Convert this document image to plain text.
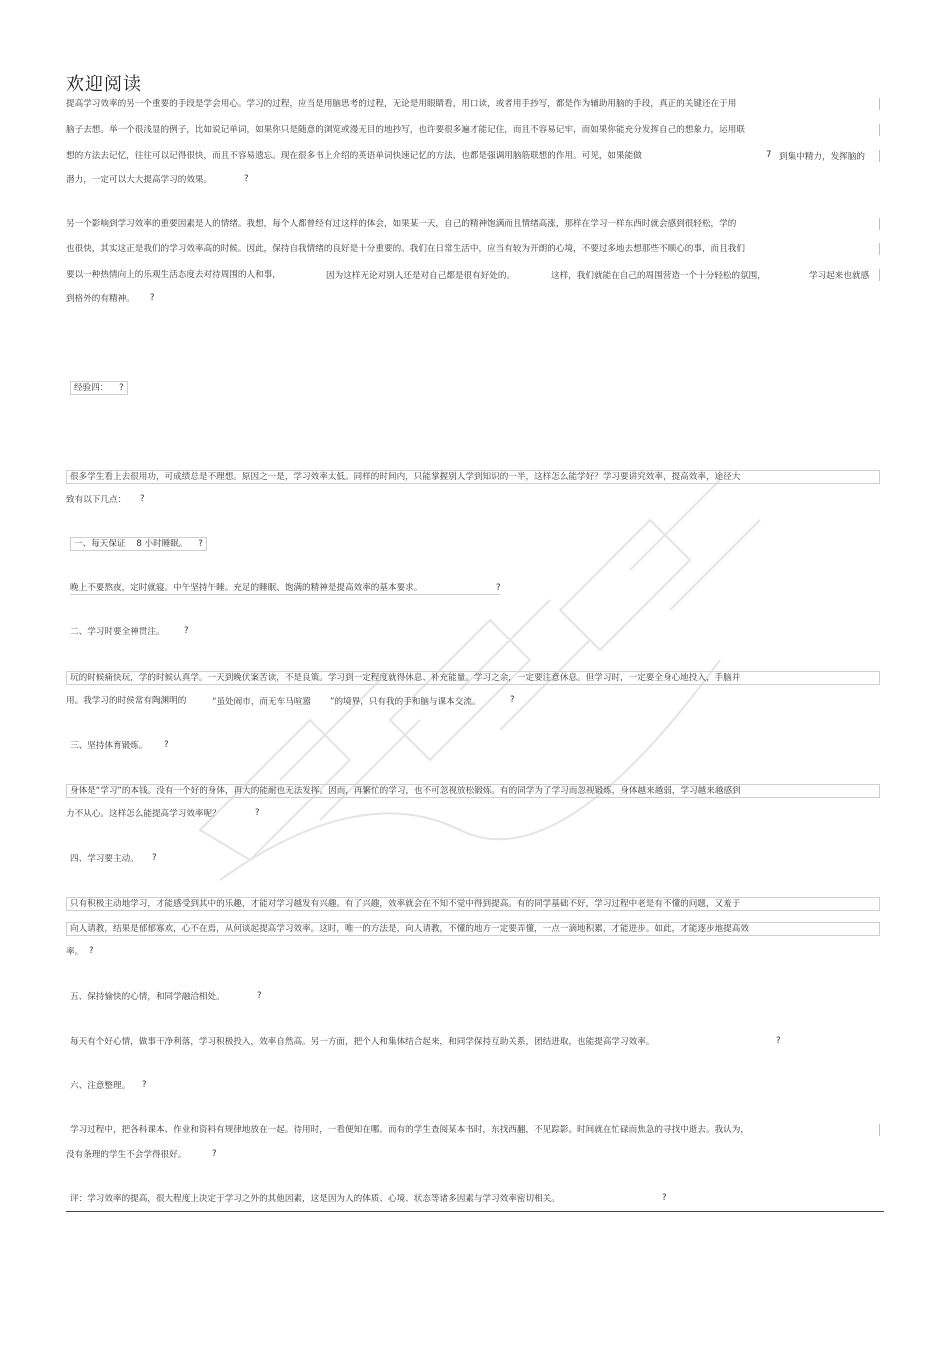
欢迎阅读
提高学习效率的另一个重要的手段是学会用心。学习的过程，应当是用脑思考的过程，无论是用眼睛看，用口读，或者用手抄写，都是作为辅助用脑的手段，真正的关键还在于用
脑子去想。举一个很浅显的例子，比如说记单词，如果你只是随意的浏览或漫无目的地抄写，也许要很多遍才能记住，而且不容易记牢，而如果你能充分发挥自己的想象力，运用联
想的方法去记忆，往往可以记得很快，而且不容易遗忘。现在很多书上介绍的英语单词快速记忆的方法，也都是强调用脑筋联想的作用。可见，如果能做	7 到集中精力，发挥脑的
潜力，一定可以大大提高学习的效果。	?
另一个影响到学习效率的重要因素是人的情绪。我想，每个人都曾经有过这样的体会，如果某一天，自己的精神饱满而且情绪高涨，那样在学习一样东西时就会感到很轻松，学的
也很快，其实这正是我们的学习效率高的时候。因此，保持自我情绪的良好是十分重要的。我们在日常生活中，应当有较为开朗的心境，不要过多地去想那些不顺心的事，而且我们
要以一种热情向上的乐观生活态度去对待周围的人和事，	因为这样无论对别人还是对自己都是很有好处的。	这样，我们就能在自己的周围营造一个十分轻松的氛围，	学习起来也就感
到格外的有精神。 ?
经验四： ?
很多学生看上去很用功，可成绩总是不理想。原因之一是，学习效率太低。同样的时间内，只能掌握别人学到知识的一半，这样怎么能学好？学习要讲究效率，提高效率，途径大
致有以下几点： ?
一、每天保证 8 小时睡眠。 ?
晚上不要熬夜，定时就寝。中午坚持午睡。充足的睡眠、饱满的精神是提高效率的基本要求。	?
二、学习时要全神贯注。 ?
玩的时候痛快玩，学的时候认真学。一天到晚伏案苦读，不是良策。学习到一定程度就得休息、补充能量。学习之余，一定要注意休息。但学习时，一定要全身心地投入，手脑并
用。我学习的时侯常有陶渊明的	“虽处闹市，而无车马喧嚣 ”的境界，只有我的手和脑与课本交流。	?
三、坚持体育锻炼。 ?
身体是“学习”的本钱。没有一个好的身体，再大的能耐也无法发挥。因而，再繁忙的学习，也不可忽视放松锻炼。有的同学为了学习而忽视锻炼，身体越来越弱，学习越来越感到
力不从心。这样怎么能提高学习效率呢？	?
四、学习要主动。 ?
只有积极主动地学习，才能感受到其中的乐趣，才能对学习越发有兴趣。有了兴趣，效率就会在不知不觉中得到提高。有的同学基础不好，学习过程中老是有不懂的问题，又羞于
向人请教，结果是郁郁寡欢，心不在焉，从何谈起提高学习效率。这时，唯一的方法是，向人请教，不懂的地方一定要弄懂，一点一滴地积累，才能进步。如此，才能逐步地提高效
率。 ?
五、保持愉快的心情，和同学融洽相处。	?
每天有个好心情，做事干净利落，学习积极投入，效率自然高。另一方面，把个人和集体结合起来，和同学保持互助关系，团结进取，也能提高学习效率。	?
六、注意整理。 ?
学习过程中，把各科课本、作业和资料有规律地放在一起。待用时，一看便知在哪。而有的学生查阅某本书时，东找西翻，不见踪影。时间就在忙碌而焦急的寻找中逝去。我认为，
没有条理的学生不会学得很好。	?
评：学习效率的提高，很大程度上决定于学习之外的其他因素，这是因为人的体质、心境、状态等诸多因素与学习效率密切相关。	?
